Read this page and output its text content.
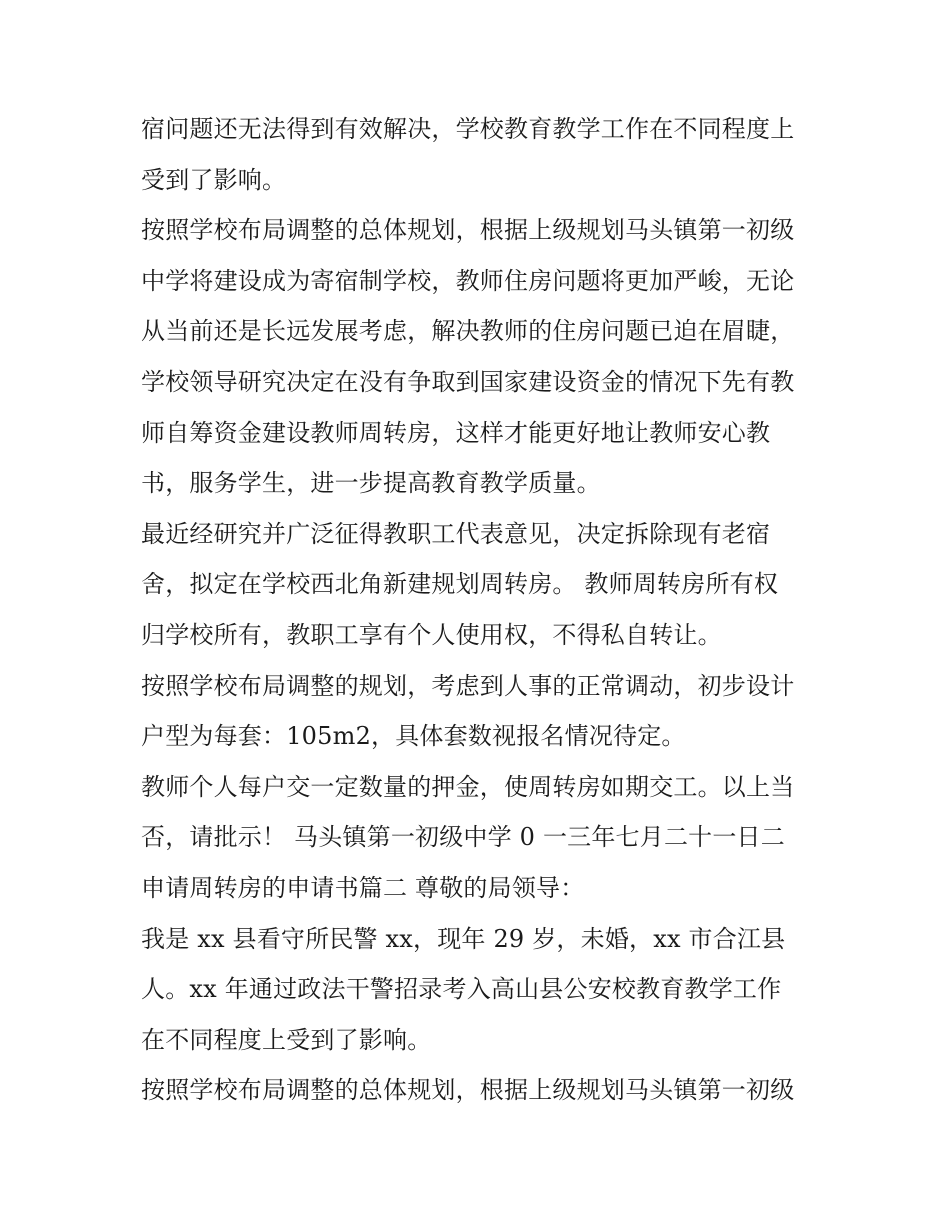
宿问题还无法得到有效解决，学校教育教学工作在不同程度上
受到了影响。
按照学校布局调整的总体规划，根据上级规划马头镇第一初级
中学将建设成为寄宿制学校，教师住房问题将更加严峻，无论
从当前还是长远发展考虑，解决教师的住房问题已迫在眉睫，
学校领导研究决定在没有争取到国家建设资金的情况下先有教
师自筹资金建设教师周转房，这样才能更好地让教师安心教
书，服务学生，进一步提高教育教学质量。
最近经研究并广泛征得教职工代表意见，决定拆除现有老宿
舍，拟定在学校西北角新建规划周转房。 教师周转房所有权
归学校所有，教职工享有个人使用权，不得私自转让。
按照学校布局调整的规划，考虑到人事的正常调动，初步设计
户型为每套：105m2，具体套数视报名情况待定。
教师个人每户交一定数量的押金，使周转房如期交工。以上当
否，请批示！ 马头镇第一初级中学 0 一三年七月二十一日二
申请周转房的申请书篇二 尊敬的局领导：
我是 xx 县看守所民警 xx，现年 29 岁，未婚，xx 市合江县
人。xx 年通过政法干警招录考入高山县公安校教育教学工作
在不同程度上受到了影响。
按照学校布局调整的总体规划，根据上级规划马头镇第一初级
